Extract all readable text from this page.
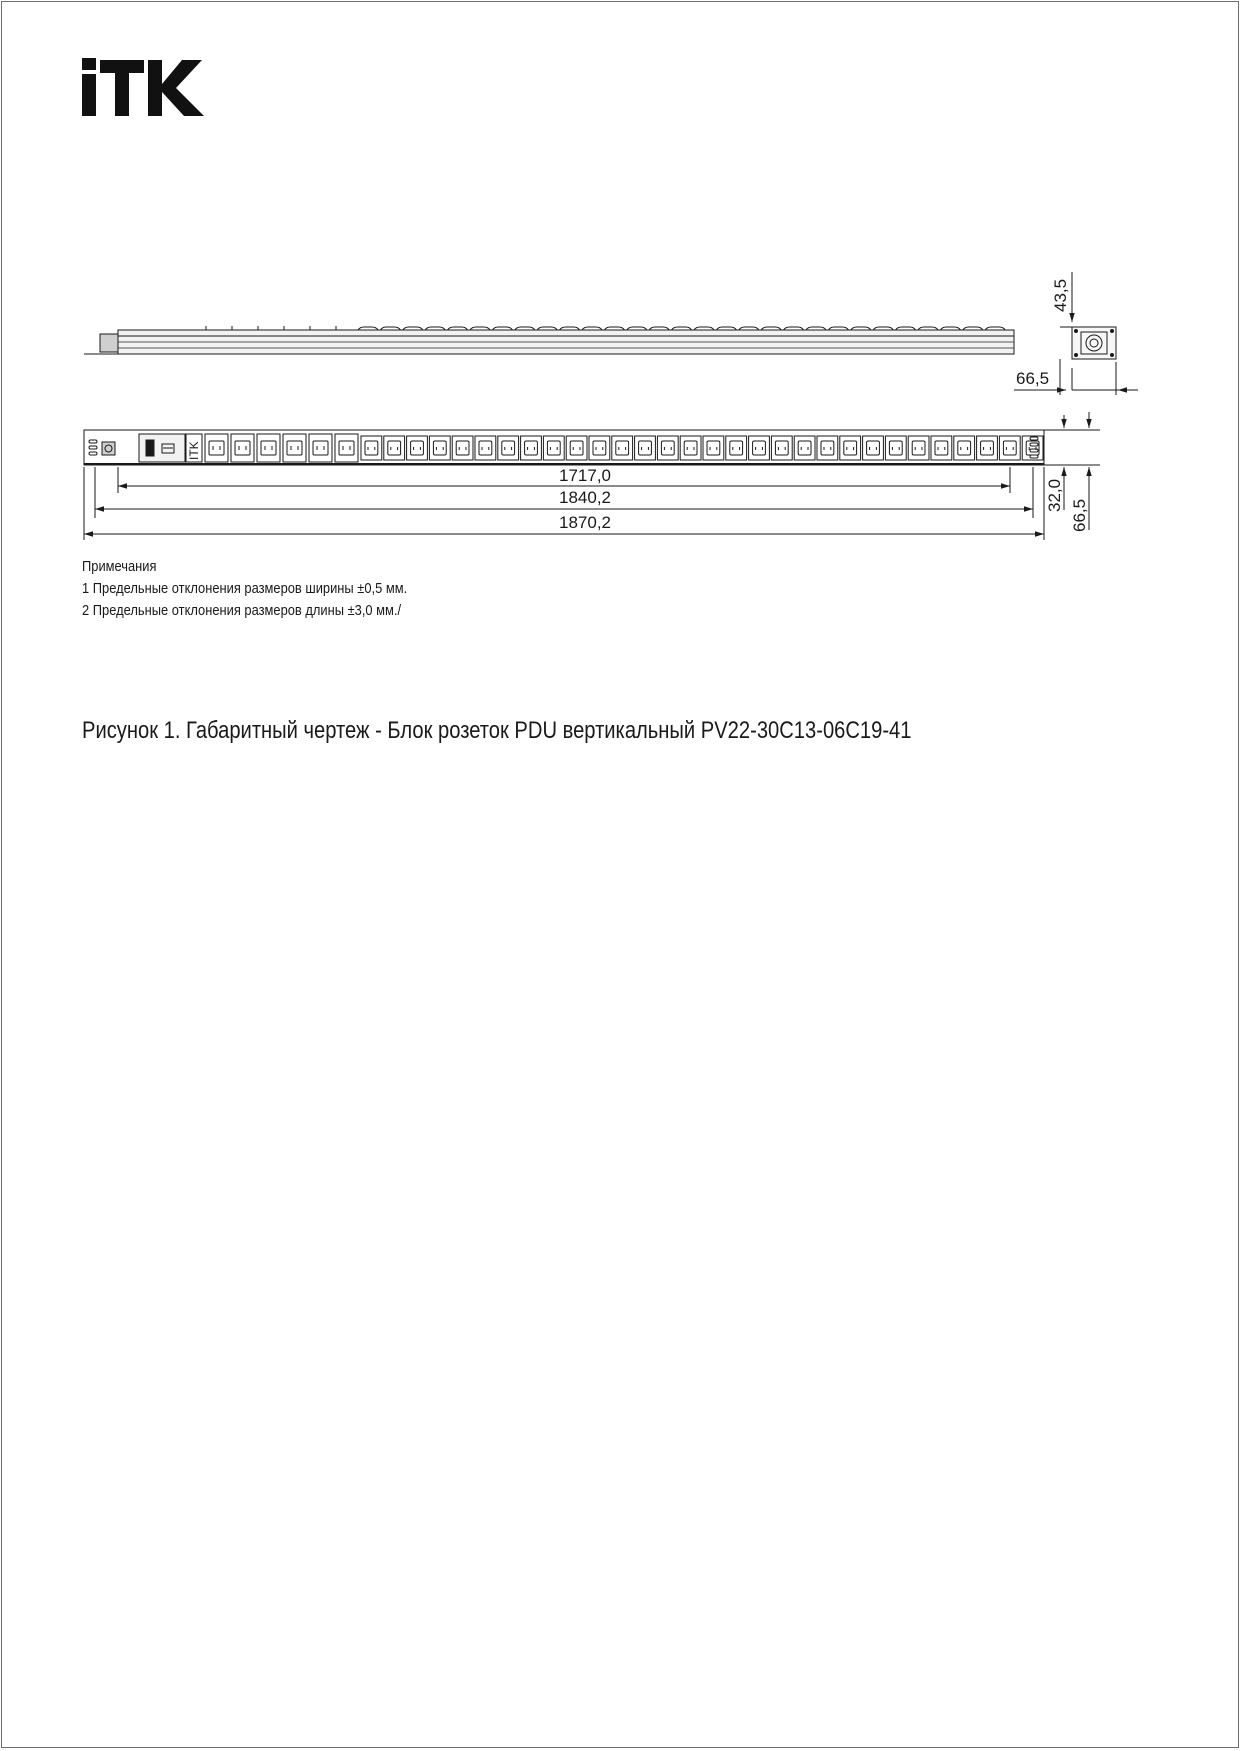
1717,0
1840,2
1870,2
66,5
43,5
32,0
66,5
ITK
Примечания
1 Предельные отклонения размеров ширины ±0,5 мм.
2 Предельные отклонения размеров длины ±3,0 мм./
Рисунок 1. Габаритный чертеж - Блок розеток PDU вертикальный PV22-30C13-06C19-41
